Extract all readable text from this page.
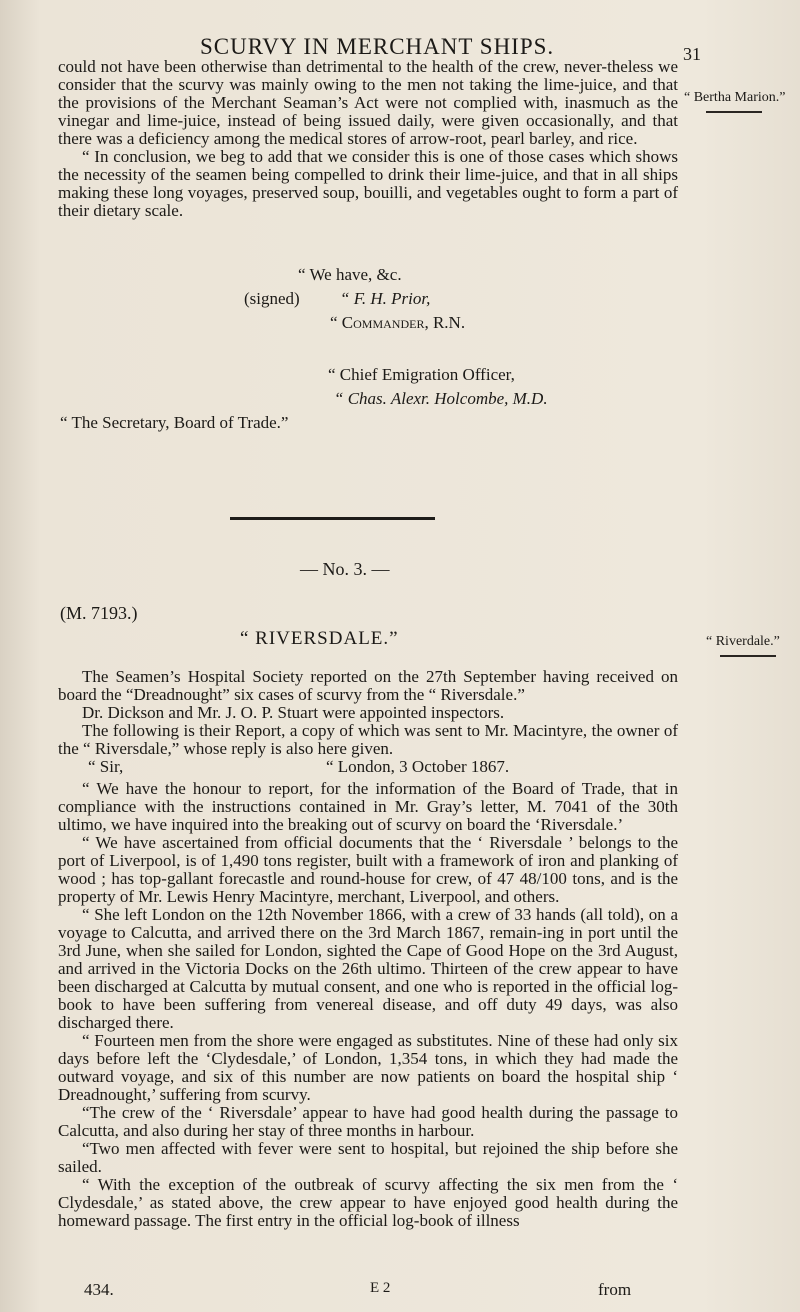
SCURVY IN MERCHANT SHIPS.	31
“ Bertha Marion.”
“ Riverdale.”

could not have been otherwise than detrimental to the health of the crew, never-theless we consider that the scurvy was mainly owing to the men not taking the lime-juice, and that the provisions of the Merchant Seaman’s Act were not complied with, inasmuch as the vinegar and lime-juice, instead of being issued daily, were given occasionally, and that there was a deficiency among the medical stores of arrow-root, pearl barley, and rice.

“ In conclusion, we beg to add that we consider this is one of those cases which shows the necessity of the seamen being compelled to drink their lime-juice, and that in all ships making these long voyages, preserved soup, bouilli, and vegetables ought to form a part of their dietary scale.

“ We have, &c.
(signed) “ F. H. Prior,
“ Commander, R.N.
“ Chief Emigration Officer,
“ Chas. Alexr. Holcombe, M.D.
“ The Secretary, Board of Trade.”
— No. 3. —
(M. 7193.)
“ RIVERSDALE.”

The Seamen’s Hospital Society reported on the 27th September having received on board the “Dreadnought” six cases of scurvy from the “ Riversdale.”

Dr. Dickson and Mr. J. O. P. Stuart were appointed inspectors.

The following is their Report, a copy of which was sent to Mr. Macintyre, the owner of the “ Riversdale,” whose reply is also here given.

“ Sir,	“ London, 3 October 1867.

“ We have the honour to report, for the information of the Board of Trade, that in compliance with the instructions contained in Mr. Gray’s letter, M. 7041 of the 30th ultimo, we have inquired into the breaking out of scurvy on board the ‘Riversdale.’

“ We have ascertained from official documents that the ‘ Riversdale ’ belongs to the port of Liverpool, is of 1,490 tons register, built with a framework of iron and planking of wood ; has top-gallant forecastle and round-house for crew, of 47 48/100 tons, and is the property of Mr. Lewis Henry Macintyre, merchant, Liverpool, and others.

“ She left London on the 12th November 1866, with a crew of 33 hands (all told), on a voyage to Calcutta, and arrived there on the 3rd March 1867, remain-ing in port until the 3rd June, when she sailed for London, sighted the Cape of Good Hope on the 3rd August, and arrived in the Victoria Docks on the 26th ultimo. Thirteen of the crew appear to have been discharged at Calcutta by mutual consent, and one who is reported in the official log-book to have been suffering from venereal disease, and off duty 49 days, was also discharged there.

“ Fourteen men from the shore were engaged as substitutes. Nine of these had only six days before left the ‘Clydesdale,’ of London, 1,354 tons, in which they had made the outward voyage, and six of this number are now patients on board the hospital ship ‘ Dreadnought,’ suffering from scurvy.

“The crew of the ‘ Riversdale’ appear to have had good health during the passage to Calcutta, and also during her stay of three months in harbour.

“Two men affected with fever were sent to hospital, but rejoined the ship before she sailed.

“ With the exception of the outbreak of scurvy affecting the six men from the ‘ Clydesdale,’ as stated above, the crew appear to have enjoyed good health during the homeward passage. The first entry in the official log-book of illness

434.	E 2	from
